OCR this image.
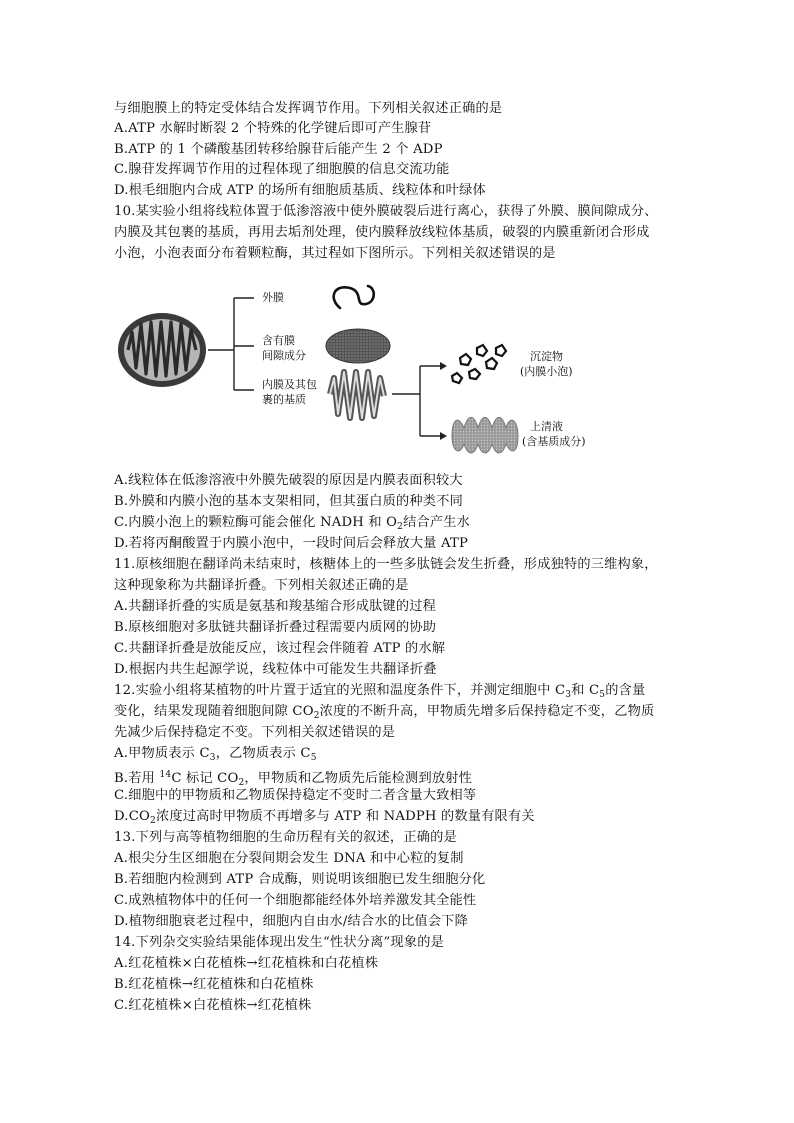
与细胞膜上的特定受体结合发挥调节作用。下列相关叙述正确的是
A.ATP 水解时断裂 2 个特殊的化学键后即可产生腺苷
B.ATP 的 1 个磷酸基团转移给腺苷后能产生 2 个 ADP
C.腺苷发挥调节作用的过程体现了细胞膜的信息交流功能
D.根毛细胞内合成 ATP 的场所有细胞质基质、线粒体和叶绿体
10.某实验小组将线粒体置于低渗溶液中使外膜破裂后进行离心，获得了外膜、膜间隙成分、
内膜及其包裹的基质，再用去垢剂处理，使内膜释放线粒体基质，破裂的内膜重新闭合形成
小泡，小泡表面分布着颗粒酶，其过程如下图所示。下列相关叙述错误的是
外膜
含有膜
间隙成分
内膜及其包
裹的基质
沉淀物
(内膜小泡)
上清液
(含基质成分)
A.线粒体在低渗溶液中外膜先破裂的原因是内膜表面积较大
B.外膜和内膜小泡的基本支架相同，但其蛋白质的种类不同
C.内膜小泡上的颗粒酶可能会催化 NADH 和 $O_2$结合产生水
D.若将丙酮酸置于内膜小泡中，一段时间后会释放大量 ATP
11.原核细胞在翻译尚未结束时，核糖体上的一些多肽链会发生折叠，形成独特的三维构象，
这种现象称为共翻译折叠。下列相关叙述正确的是
A.共翻译折叠的实质是氨基和羧基缩合形成肽键的过程
B.原核细胞对多肽链共翻译折叠过程需要内质网的协助
C.共翻译折叠是放能反应，该过程会伴随着 ATP 的水解
D.根据内共生起源学说，线粒体中可能发生共翻译折叠
12.实验小组将某植物的叶片置于适宜的光照和温度条件下，并测定细胞中 $C_3$和 $C_5$的含量
变化，结果发现随着细胞间隙 $CO_2$浓度的不断升高，甲物质先增多后保持稳定不变，乙物质
先减少后保持稳定不变。下列相关叙述错误的是
A.甲物质表示 $C_3$，乙物质表示 $C_5$
B.若用 $^{14}$C 标记 $CO_2$，甲物质和乙物质先后能检测到放射性
C.细胞中的甲物质和乙物质保持稳定不变时二者含量大致相等
$D.CO_2$浓度过高时甲物质不再增多与 ATP 和 NADPH 的数量有限有关
13.下列与高等植物细胞的生命历程有关的叙述，正确的是
A.根尖分生区细胞在分裂间期会发生 DNA 和中心粒的复制
B.若细胞内检测到 ATP 合成酶，则说明该细胞已发生细胞分化
C.成熟植物体中的任何一个细胞都能经体外培养激发其全能性
D.植物细胞衰老过程中，细胞内自由水/结合水的比值会下降
14.下列杂交实验结果能体现出发生“性状分离”现象的是
A.红花植株×白花植株→红花植株和白花植株
B.红花植株→红花植株和白花植株
C.红花植株×白花植株→红花植株
